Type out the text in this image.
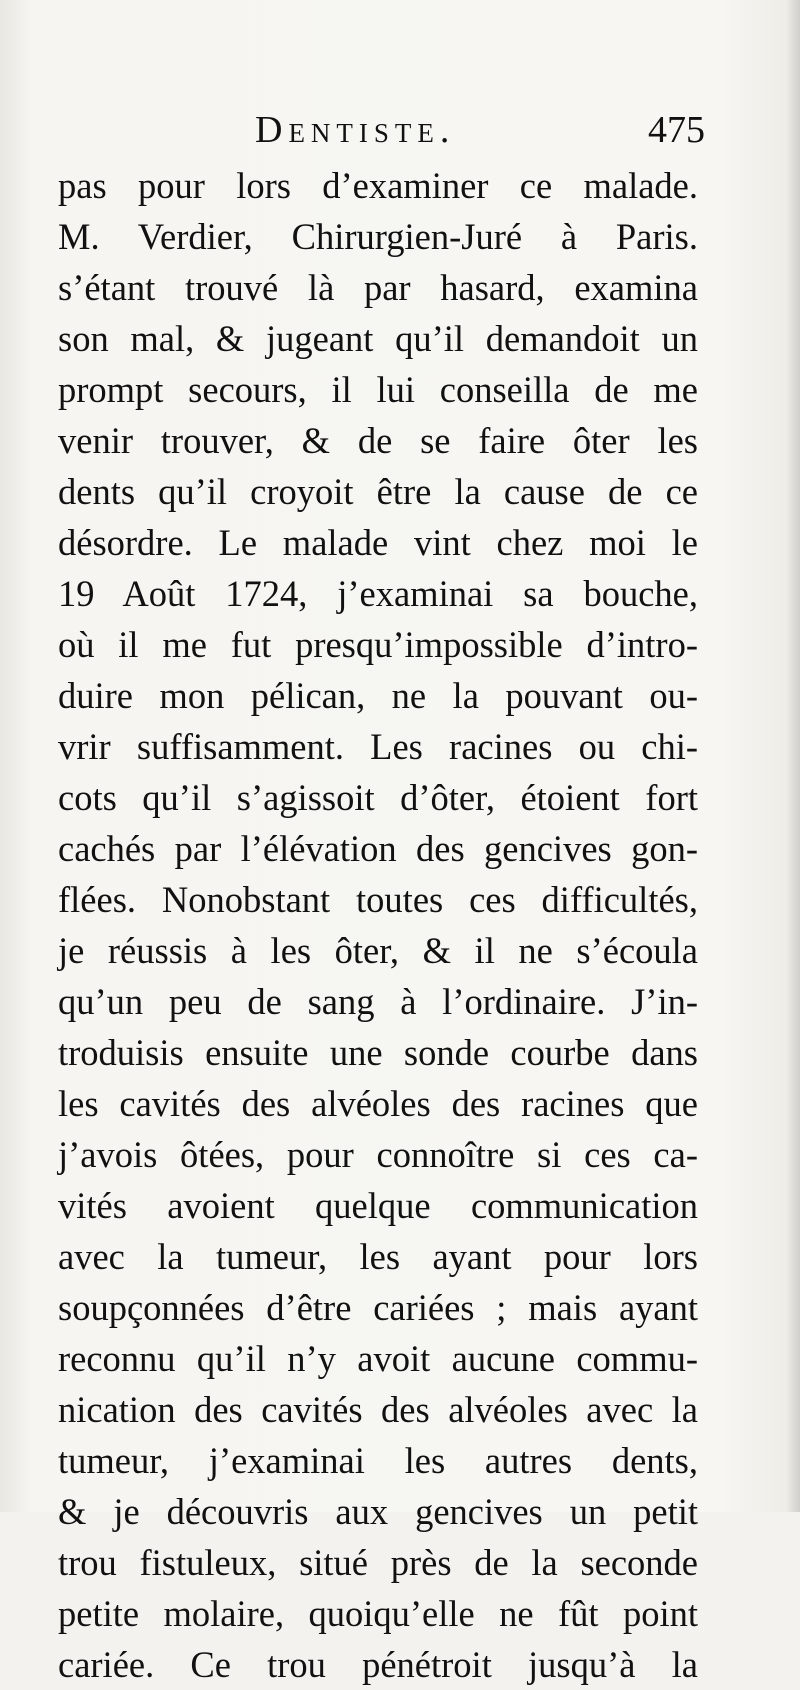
Dentiste.	475
pas pour lors d’examiner ce malade.
M. Verdier, Chirurgien-Juré à Paris.
s’étant trouvé là par hasard, examina
son mal, & jugeant qu’il demandoit un
prompt secours, il lui conseilla de me
venir trouver, & de se faire ôter les
dents qu’il croyoit être la cause de ce
désordre. Le malade vint chez moi le
19 Août 1724, j’examinai sa bouche,
où il me fut presqu’impossible d’intro-
duire mon pélican, ne la pouvant ou-
vrir suffisamment. Les racines ou chi-
cots qu’il s’agissoit d’ôter, étoient fort
cachés par l’élévation des gencives gon-
flées. Nonobstant toutes ces difficultés,
je réussis à les ôter, & il ne s’écoula
qu’un peu de sang à l’ordinaire. J’in-
troduisis ensuite une sonde courbe dans
les cavités des alvéoles des racines que
j’avois ôtées, pour connoître si ces ca-
vités avoient quelque communication
avec la tumeur, les ayant pour lors
soupçonnées d’être cariées ; mais ayant
reconnu qu’il n’y avoit aucune commu-
nication des cavités des alvéoles avec la
tumeur, j’examinai les autres dents,
& je découvris aux gencives un petit
trou fistuleux, situé près de la seconde
petite molaire, quoiqu’elle ne fût point
cariée. Ce trou pénétroit jusqu’à la
